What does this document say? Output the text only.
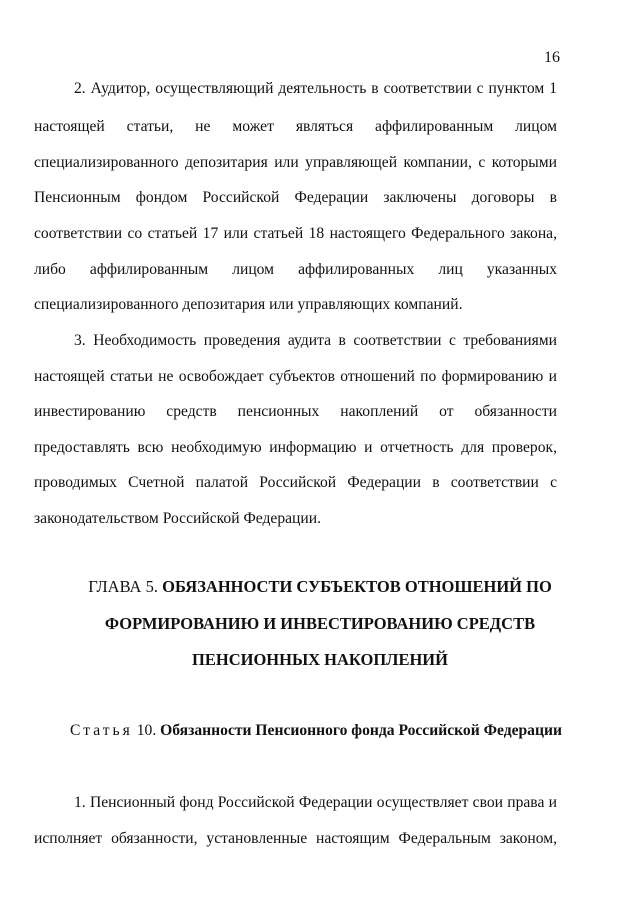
16
2. Аудитор, осуществляющий деятельность в соответствии с пунктом 1
настоящей статьи, не может являться аффилированным лицом
специализированного депозитария или управляющей компании, с которыми
Пенсионным фондом Российской Федерации заключены договоры в
соответствии со статьей 17 или статьей 18 настоящего Федерального закона,
либо аффилированным лицом аффилированных лиц указанных
специализированного депозитария или управляющих компаний.
3. Необходимость проведения аудита в соответствии с требованиями
настоящей статьи не освобождает субъектов отношений по формированию и
инвестированию средств пенсионных накоплений от обязанности
предоставлять всю необходимую информацию и отчетность для проверок,
проводимых Счетной палатой Российской Федерации в соответствии с
законодательством Российской Федерации.
ГЛАВА 5. ОБЯЗАННОСТИ СУБЪЕКТОВ ОТНОШЕНИЙ ПО
ФОРМИРОВАНИЮ И ИНВЕСТИРОВАНИЮ СРЕДСТВ
ПЕНСИОННЫХ НАКОПЛЕНИЙ
Статья 10. Обязанности Пенсионного фонда Российской Федерации
1. Пенсионный фонд Российской Федерации осуществляет свои права и
исполняет обязанности, установленные настоящим Федеральным законом,
